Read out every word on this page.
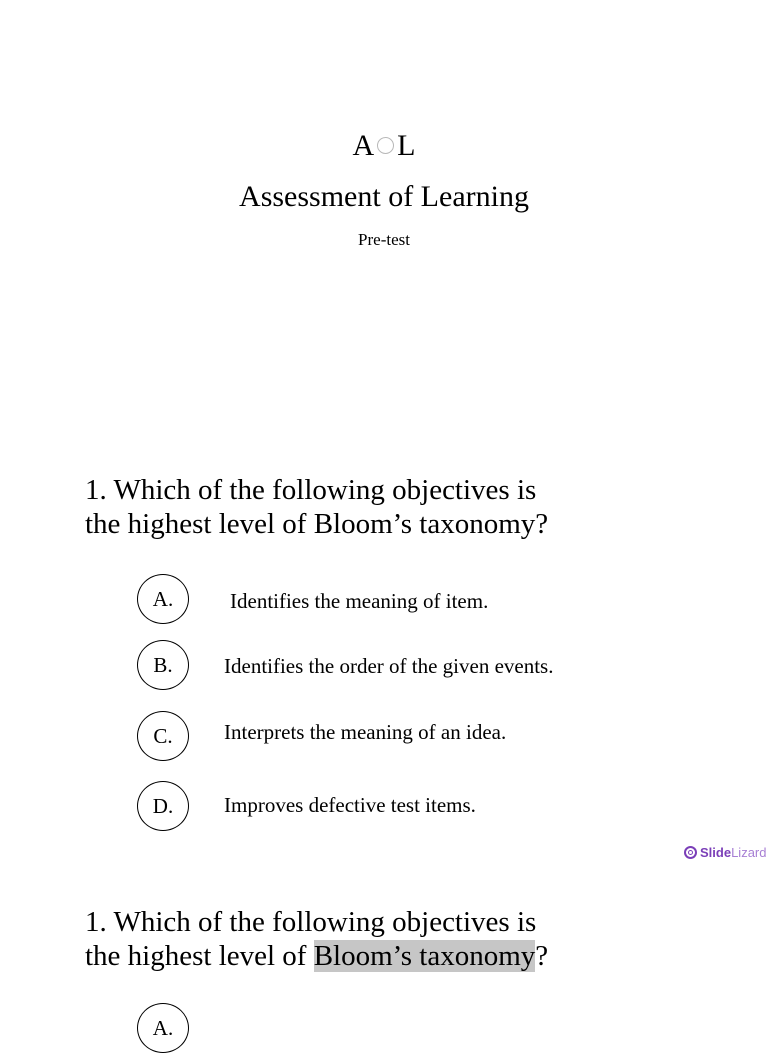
A L
Assessment of Learning
Pre-test
1. Which of the following objectives is
the highest level of Bloom’s taxonomy?
A.	Identifies the meaning of item.
B.	Identifies the order of the given events.
C.	Interprets the meaning of an idea.
D.	Improves defective test items.
Slide Lizard
1. Which of the following objectives is
the highest level of Bloom’s taxonomy?
A.
